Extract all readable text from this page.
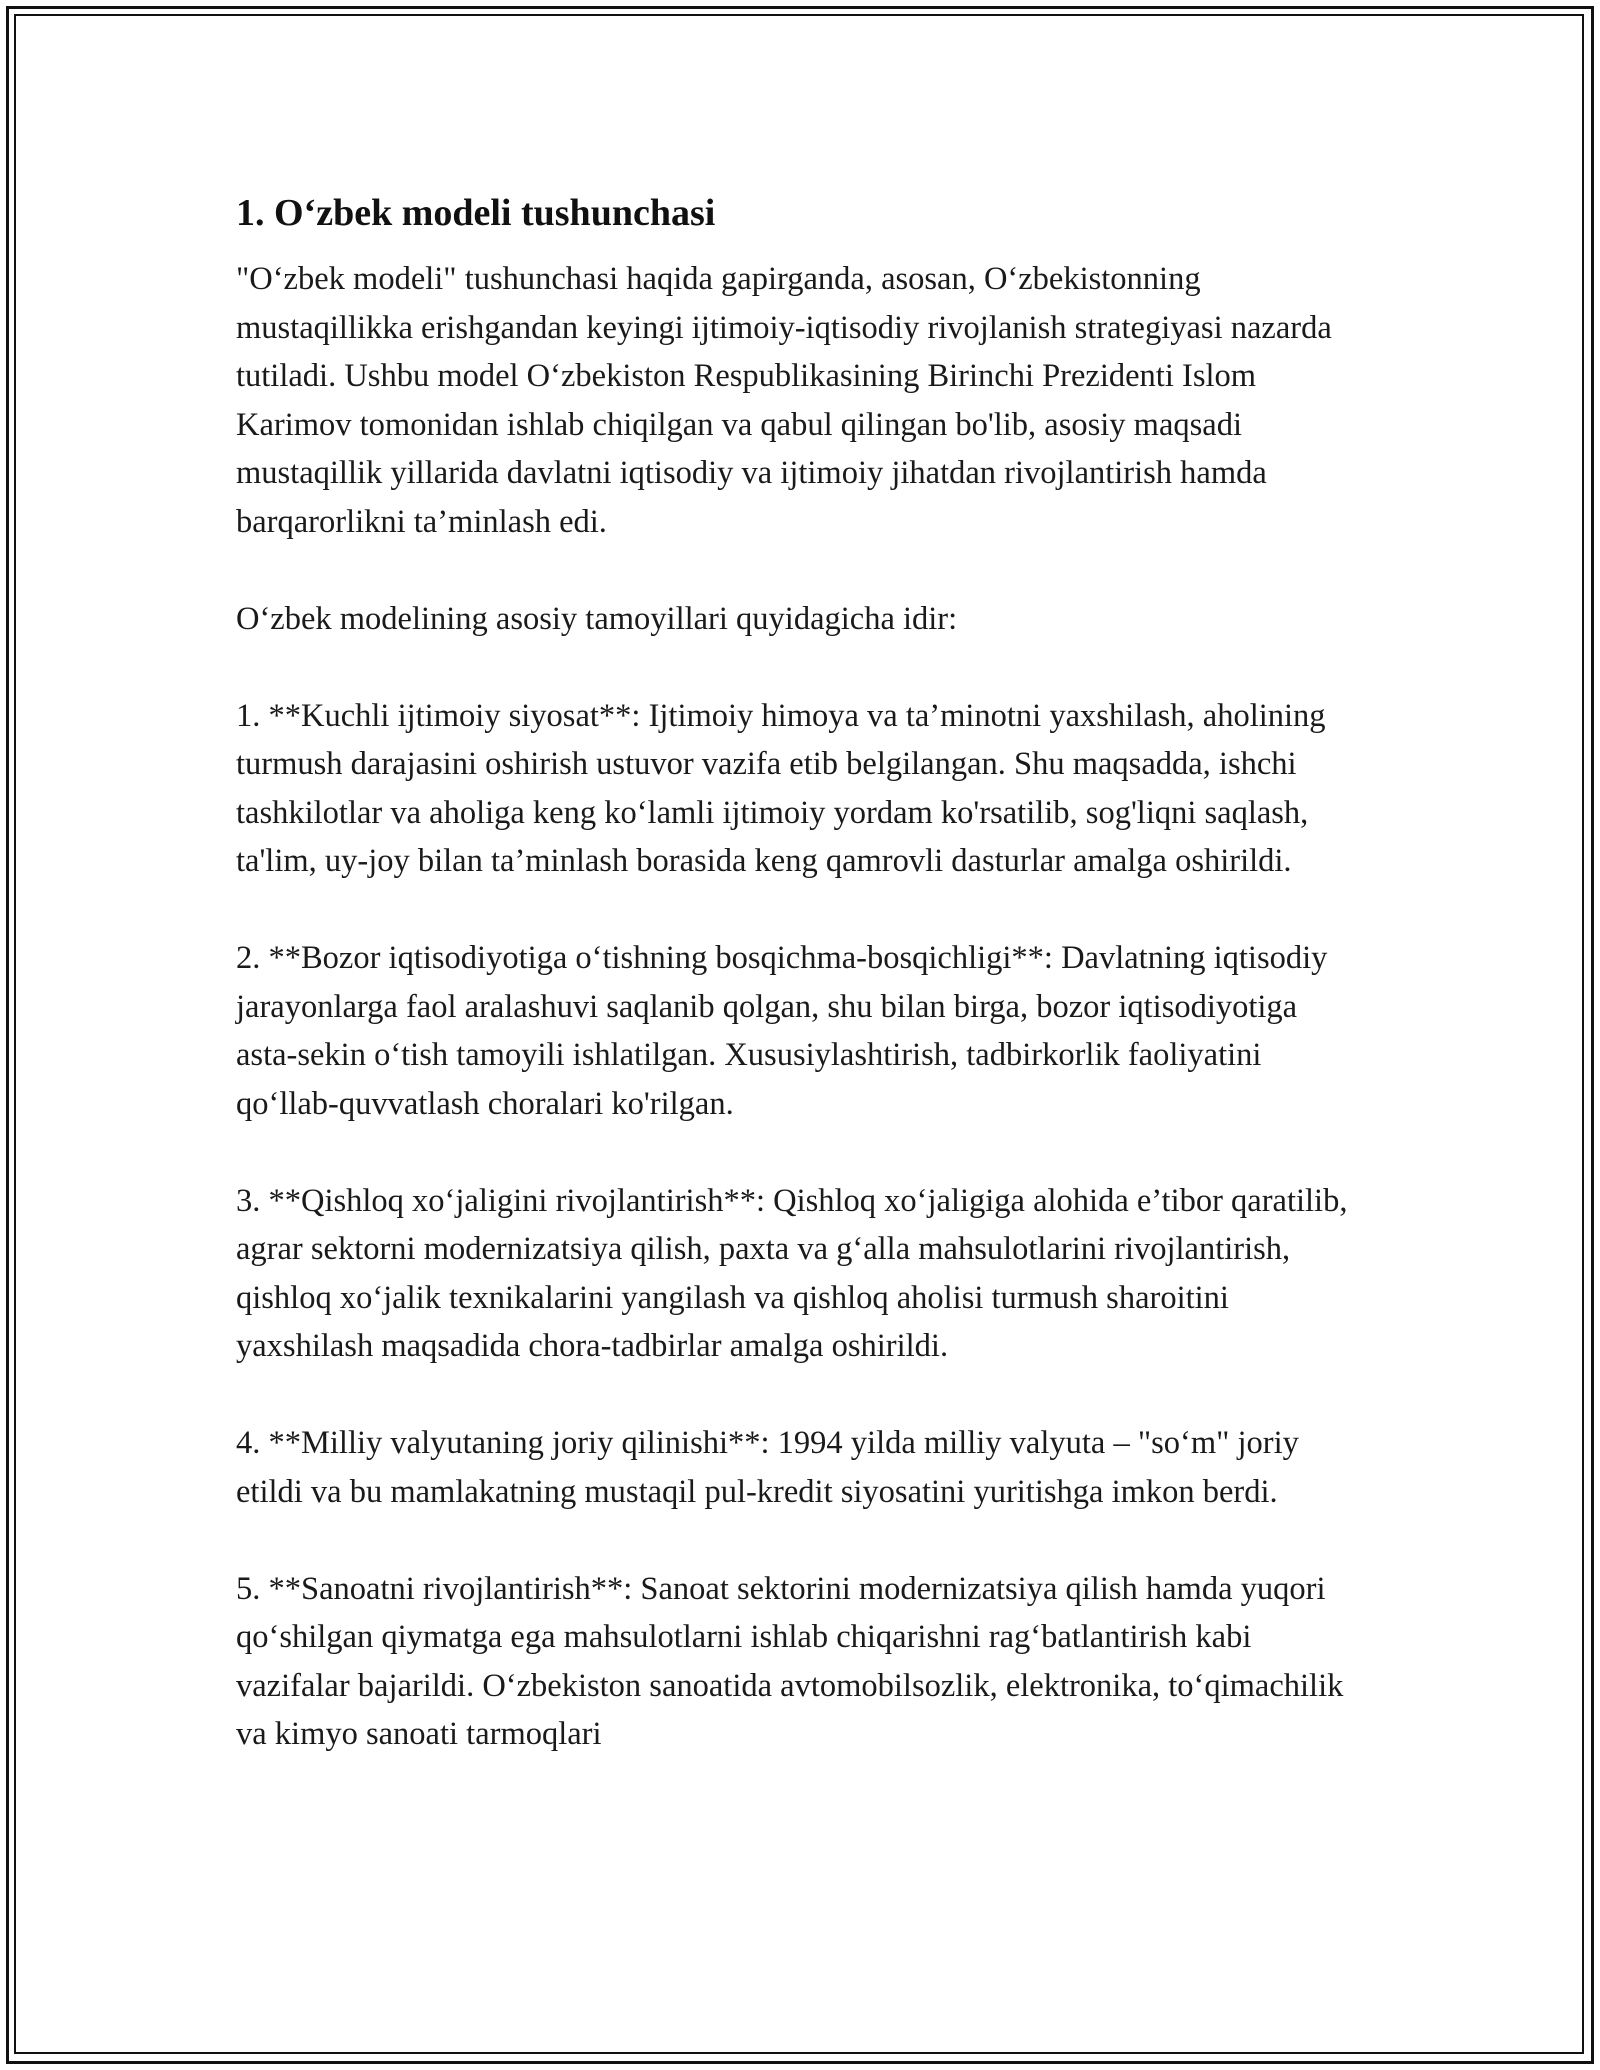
1. O‘zbek modeli tushunchasi

"O‘zbek modeli" tushunchasi haqida gapirganda, asosan, O‘zbekistonning mustaqillikka erishgandan keyingi ijtimoiy-iqtisodiy rivojlanish strategiyasi nazarda tutiladi. Ushbu model O‘zbekiston Respublikasining Birinchi Prezidenti Islom Karimov tomonidan ishlab chiqilgan va qabul qilingan bo'lib, asosiy maqsadi mustaqillik yillarida davlatni iqtisodiy va ijtimoiy jihatdan rivojlantirish hamda barqarorlikni ta’minlash edi.

O‘zbek modelining asosiy tamoyillari quyidagicha idir:

1. **Kuchli ijtimoiy siyosat**: Ijtimoiy himoya va ta’minotni yaxshilash, aholining turmush darajasini oshirish ustuvor vazifa etib belgilangan. Shu maqsadda, ishchi tashkilotlar va aholiga keng ko‘lamli ijtimoiy yordam ko'rsatilib, sog'liqni saqlash, ta'lim, uy-joy bilan ta’minlash borasida keng qamrovli dasturlar amalga oshirildi.

2. **Bozor iqtisodiyotiga o‘tishning bosqichma-bosqichligi**: Davlatning iqtisodiy jarayonlarga faol aralashuvi saqlanib qolgan, shu bilan birga, bozor iqtisodiyotiga asta-sekin o‘tish tamoyili ishlatilgan. Xususiylashtirish, tadbirkorlik faoliyatini qo‘llab-quvvatlash choralari ko'rilgan.

3. **Qishloq xo‘jaligini rivojlantirish**: Qishloq xo‘jaligiga alohida e’tibor qaratilib, agrar sektorni modernizatsiya qilish, paxta va g‘alla mahsulotlarini rivojlantirish, qishloq xo‘jalik texnikalarini yangilash va qishloq aholisi turmush sharoitini yaxshilash maqsadida chora-tadbirlar amalga oshirildi.

4. **Milliy valyutaning joriy qilinishi**: 1994 yilda milliy valyuta – "so‘m" joriy etildi va bu mamlakatning mustaqil pul-kredit siyosatini yuritishga imkon berdi.

5. **Sanoatni rivojlantirish**: Sanoat sektorini modernizatsiya qilish hamda yuqori qo‘shilgan qiymatga ega mahsulotlarni ishlab chiqarishni rag‘batlantirish kabi vazifalar bajarildi. O‘zbekiston sanoatida avtomobilsozlik, elektronika, to‘qimachilik va kimyo sanoati tarmoqlari
